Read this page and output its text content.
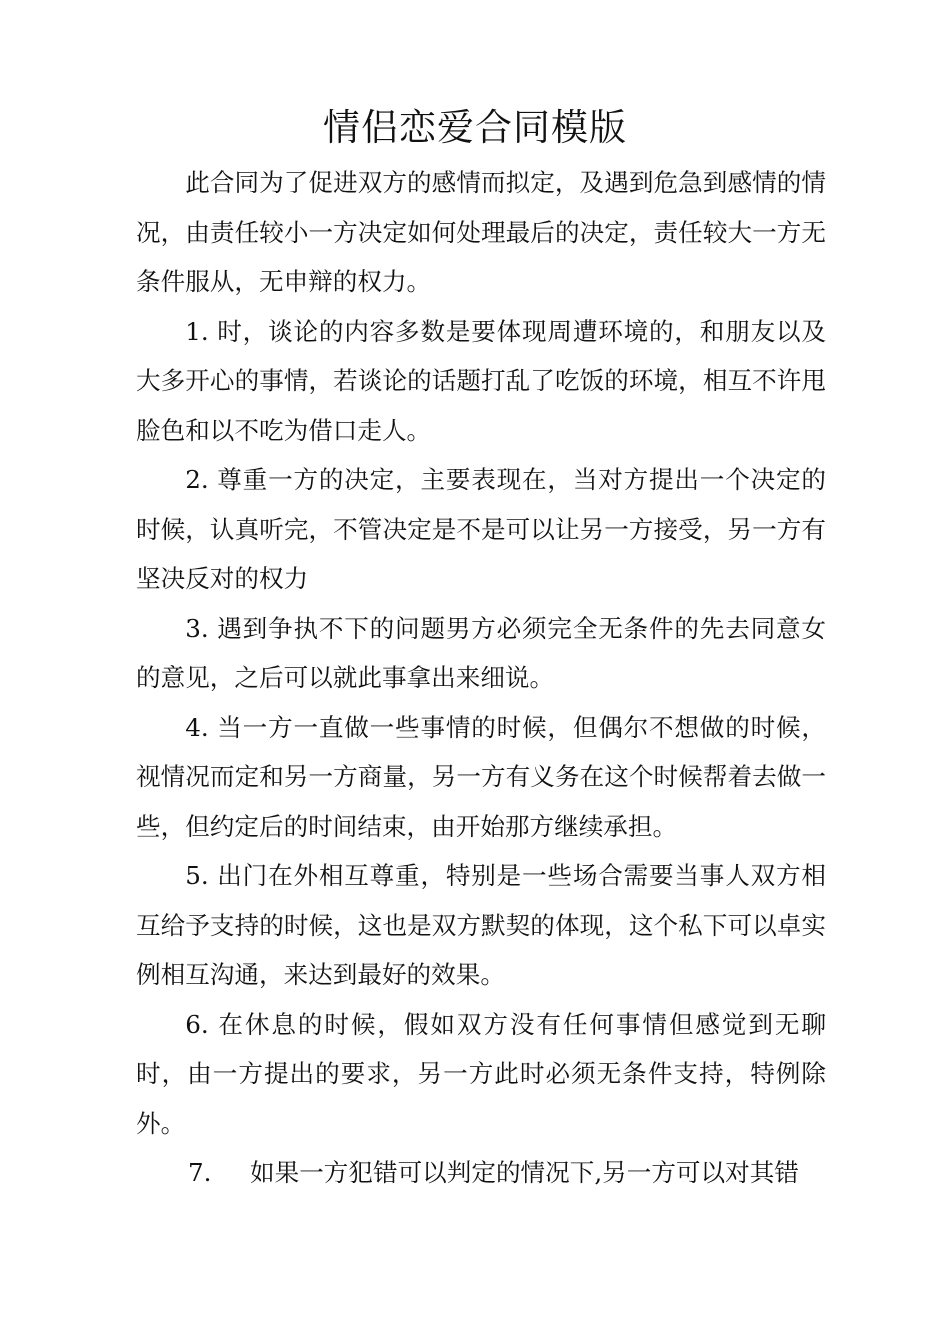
情侣恋爱合同模版

此合同为了促进双方的感情而拟定，及遇到危急到感情的情况，由责任较小一方决定如何处理最后的决定，责任较大一方无条件服从，无申辩的权力。

1. 时，谈论的内容多数是要体现周遭环境的，和朋友以及大多开心的事情，若谈论的话题打乱了吃饭的环境，相互不许甩脸色和以不吃为借口走人。

2. 尊重一方的决定，主要表现在，当对方提出一个决定的时候，认真听完，不管决定是不是可以让另一方接受，另一方有坚决反对的权力

3. 遇到争执不下的问题男方必须完全无条件的先去同意女的意见，之后可以就此事拿出来细说。

4. 当一方一直做一些事情的时候，但偶尔不想做的时候，视情况而定和另一方商量，另一方有义务在这个时候帮着去做一些，但约定后的时间结束，由开始那方继续承担。

5. 出门在外相互尊重，特别是一些场合需要当事人双方相互给予支持的时候，这也是双方默契的体现，这个私下可以卓实例相互沟通，来达到最好的效果。

6. 在休息的时候，假如双方没有任何事情但感觉到无聊时，由一方提出的要求，另一方此时必须无条件支持，特例除外。

7.	如果一方犯错可以判定的情况下,另一方可以对其错
